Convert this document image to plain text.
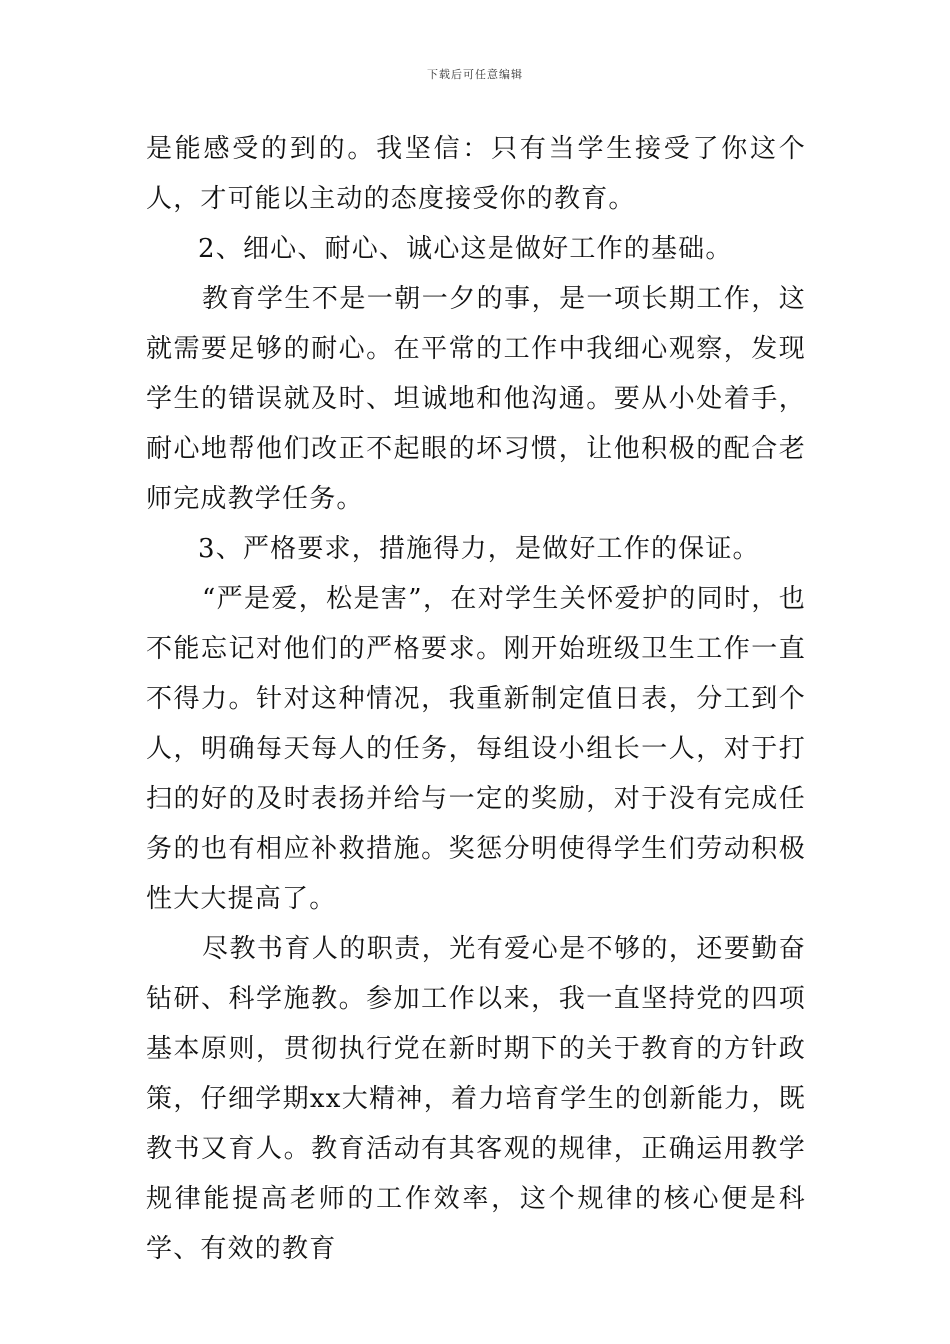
下载后可任意编辑

是能感受的到的。我坚信：只有当学生接受了你这个人，才可能以主动的态度接受你的教育。

2、细心、耐心、诚心这是做好工作的基础。

教育学生不是一朝一夕的事，是一项长期工作，这就需要足够的耐心。在平常的工作中我细心观察，发现学生的错误就及时、坦诚地和他沟通。要从小处着手，耐心地帮他们改正不起眼的坏习惯，让他积极的配合老师完成教学任务。

3、严格要求，措施得力，是做好工作的保证。

“严是爱，松是害”，在对学生关怀爱护的同时，也不能忘记对他们的严格要求。刚开始班级卫生工作一直不得力。针对这种情况，我重新制定值日表，分工到个人，明确每天每人的任务，每组设小组长一人，对于打扫的好的及时表扬并给与一定的奖励，对于没有完成任务的也有相应补救措施。奖惩分明使得学生们劳动积极性大大提高了。

尽教书育人的职责，光有爱心是不够的，还要勤奋钻研、科学施教。参加工作以来，我一直坚持党的四项基本原则，贯彻执行党在新时期下的关于教育的方针政策，仔细学期xx大精神，着力培育学生的创新能力，既教书又育人。教育活动有其客观的规律，正确运用教学规律能提高老师的工作效率，这个规律的核心便是科学、有效的教育
